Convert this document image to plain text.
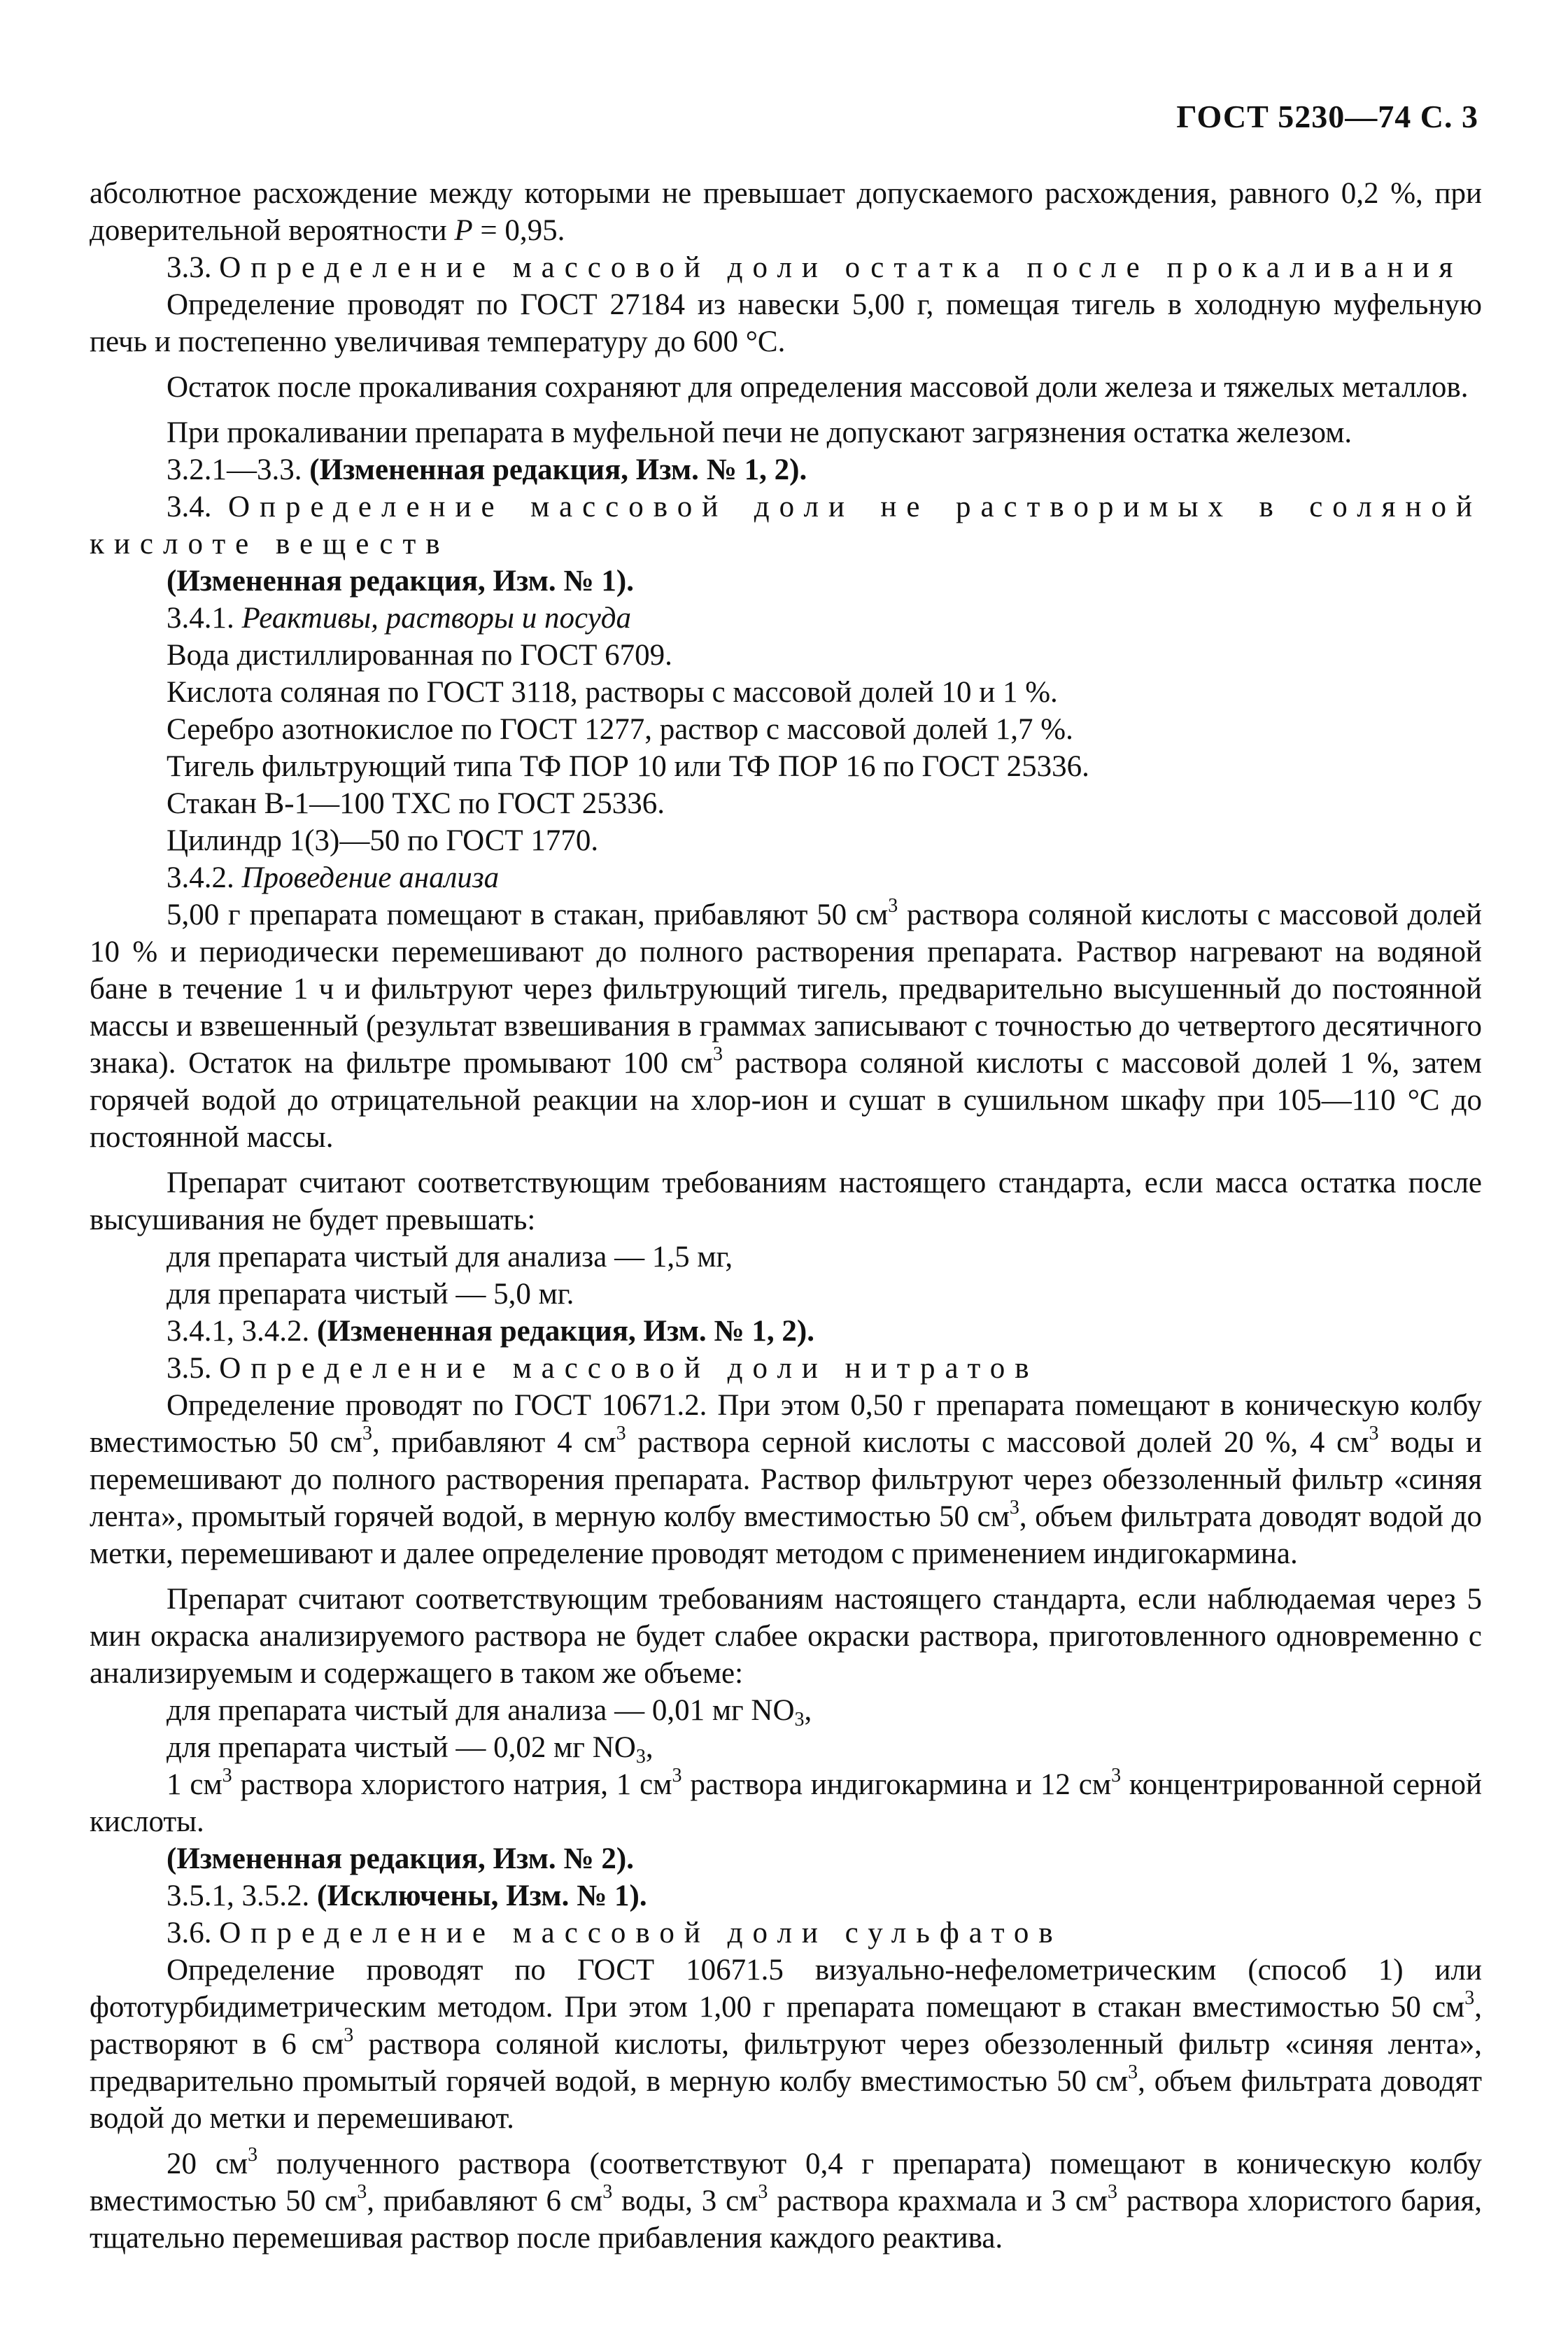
ГОСТ 5230—74 С. 3

абсолютное расхождение между которыми не превышает допускаемого расхождения, равного 0,2 %, при доверительной вероятности P = 0,95.

3.3. Определение массовой доли остатка после прокаливания

Определение проводят по ГОСТ 27184 из навески 5,00 г, помещая тигель в холодную муфельную печь и постепенно увеличивая температуру до 600 °С.

Остаток после прокаливания сохраняют для определения массовой доли железа и тяжелых металлов.

При прокаливании препарата в муфельной печи не допускают загрязнения остатка железом.

3.2.1—3.3. (Измененная редакция, Изм. № 1, 2).

3.4. Определение массовой доли не растворимых в соляной кислоте веществ

(Измененная редакция, Изм. № 1).

3.4.1. Реактивы, растворы и посуда

Вода дистиллированная по ГОСТ 6709.

Кислота соляная по ГОСТ 3118, растворы с массовой долей 10 и 1 %.

Серебро азотнокислое по ГОСТ 1277, раствор с массовой долей 1,7 %.

Тигель фильтрующий типа ТФ ПОР 10 или ТФ ПОР 16 по ГОСТ 25336.

Стакан В-1—100 ТХС по ГОСТ 25336.

Цилиндр 1(3)—50 по ГОСТ 1770.

3.4.2. Проведение анализа

5,00 г препарата помещают в стакан, прибавляют 50 $см^3$ раствора соляной кислоты с массовой долей 10 % и периодически перемешивают до полного растворения препарата. Раствор нагревают на водяной бане в течение 1 ч и фильтруют через фильтрующий тигель, предварительно высушенный до постоянной массы и взвешенный (результат взвешивания в граммах записывают с точностью до четвертого десятичного знака). Остаток на фильтре промывают 100 $см^3$ раствора соляной кислоты с массовой долей 1 %, затем горячей водой до отрицательной реакции на хлор-ион и сушат в сушильном шкафу при 105—110 °С до постоянной массы.

Препарат считают соответствующим требованиям настоящего стандарта, если масса остатка после высушивания не будет превышать:

для препарата чистый для анализа — 1,5 мг,

для препарата чистый — 5,0 мг.

3.4.1, 3.4.2. (Измененная редакция, Изм. № 1, 2).

3.5. Определение массовой доли нитратов

Определение проводят по ГОСТ 10671.2. При этом 0,50 г препарата помещают в коническую колбу вместимостью 50 $см^3$, прибавляют 4 $см^3$ раствора серной кислоты с массовой долей 20 %, 4 $см^3$ воды и перемешивают до полного растворения препарата. Раствор фильтруют через обеззоленный фильтр «синяя лента», промытый горячей водой, в мерную колбу вместимостью 50 $см^3$, объем фильтрата доводят водой до метки, перемешивают и далее определение проводят методом с применением индигокармина.

Препарат считают соответствующим требованиям настоящего стандарта, если наблюдаемая через 5 мин окраска анализируемого раствора не будет слабее окраски раствора, приготовленного одновременно с анализируемым и содержащего в таком же объеме:

для препарата чистый для анализа — 0,01 мг $NO_3$,

для препарата чистый — 0,02 мг $NO_3$,

1 $см^3$ раствора хлористого натрия, 1 $см^3$ раствора индигокармина и 12 $см^3$ концентрированной серной кислоты.

(Измененная редакция, Изм. № 2).

3.5.1, 3.5.2. (Исключены, Изм. № 1).

3.6. Определение массовой доли сульфатов

Определение проводят по ГОСТ 10671.5 визуально-нефелометрическим (способ 1) или фототурбидиметрическим методом. При этом 1,00 г препарата помещают в стакан вместимостью 50 $см^3$, растворяют в 6 $см^3$ раствора соляной кислоты, фильтруют через обеззоленный фильтр «синяя лента», предварительно промытый горячей водой, в мерную колбу вместимостью 50 $см^3$, объем фильтрата доводят водой до метки и перемешивают.

20 $см^3$ полученного раствора (соответствуют 0,4 г препарата) помещают в коническую колбу вместимостью 50 $см^3$, прибавляют 6 $см^3$ воды, 3 $см^3$ раствора крахмала и 3 $см^3$ раствора хлористого бария, тщательно перемешивая раствор после прибавления каждого реактива.
